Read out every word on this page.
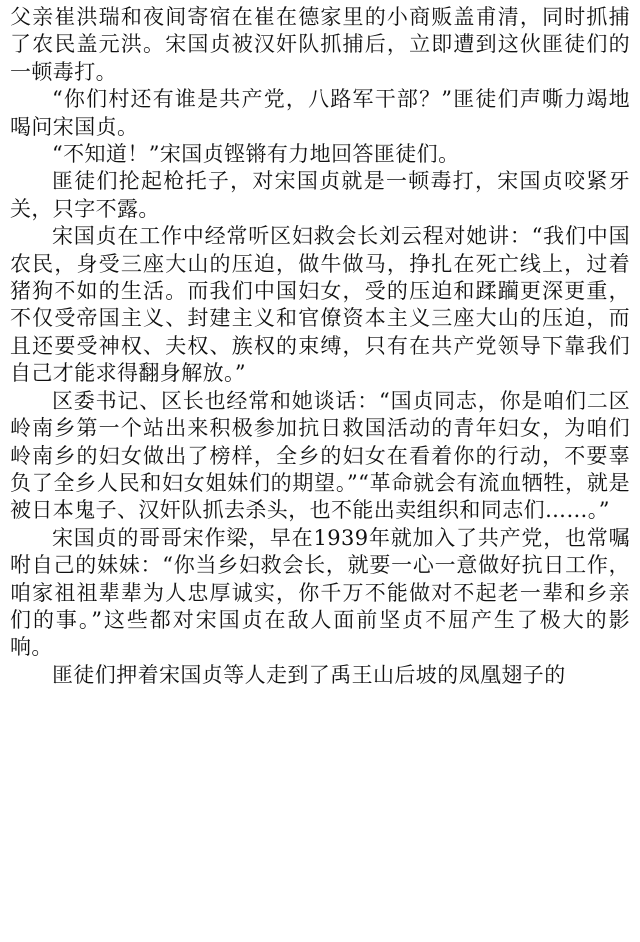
父亲崔洪瑞和夜间寄宿在崔在德家里的小商贩盖甫清，同时抓捕了农民盖元洪。宋国贞被汉奸队抓捕后，立即遭到这伙匪徒们的一顿毒打。

“你们村还有谁是共产党，八路军干部？”匪徒们声嘶力竭地喝问宋国贞。

“不知道！”宋国贞铿锵有力地回答匪徒们。

匪徒们抡起枪托子，对宋国贞就是一顿毒打，宋国贞咬紧牙关，只字不露。

宋国贞在工作中经常听区妇救会长刘云程对她讲：“我们中国农民，身受三座大山的压迫，做牛做马，挣扎在死亡线上，过着猪狗不如的生活。而我们中国妇女，受的压迫和蹂躏更深更重，不仅受帝国主义、封建主义和官僚资本主义三座大山的压迫，而且还要受神权、夫权、族权的束缚，只有在共产党领导下靠我们自己才能求得翻身解放。”

区委书记、区长也经常和她谈话：“国贞同志，你是咱们二区岭南乡第一个站出来积极参加抗日救国活动的青年妇女，为咱们岭南乡的妇女做出了榜样，全乡的妇女在看着你的行动，不要辜负了全乡人民和妇女姐妹们的期望。”“革命就会有流血牺牲，就是被日本鬼子、汉奸队抓去杀头，也不能出卖组织和同志们……。”

宋国贞的哥哥宋作梁，早在1939年就加入了共产党，也常嘱咐自己的妹妹：“你当乡妇救会长，就要一心一意做好抗日工作，咱家祖祖辈辈为人忠厚诚实，你千万不能做对不起老一辈和乡亲们的事。”这些都对宋国贞在敌人面前坚贞不屈产生了极大的影响。

匪徒们押着宋国贞等人走到了禹王山后坡的凤凰翅子的
